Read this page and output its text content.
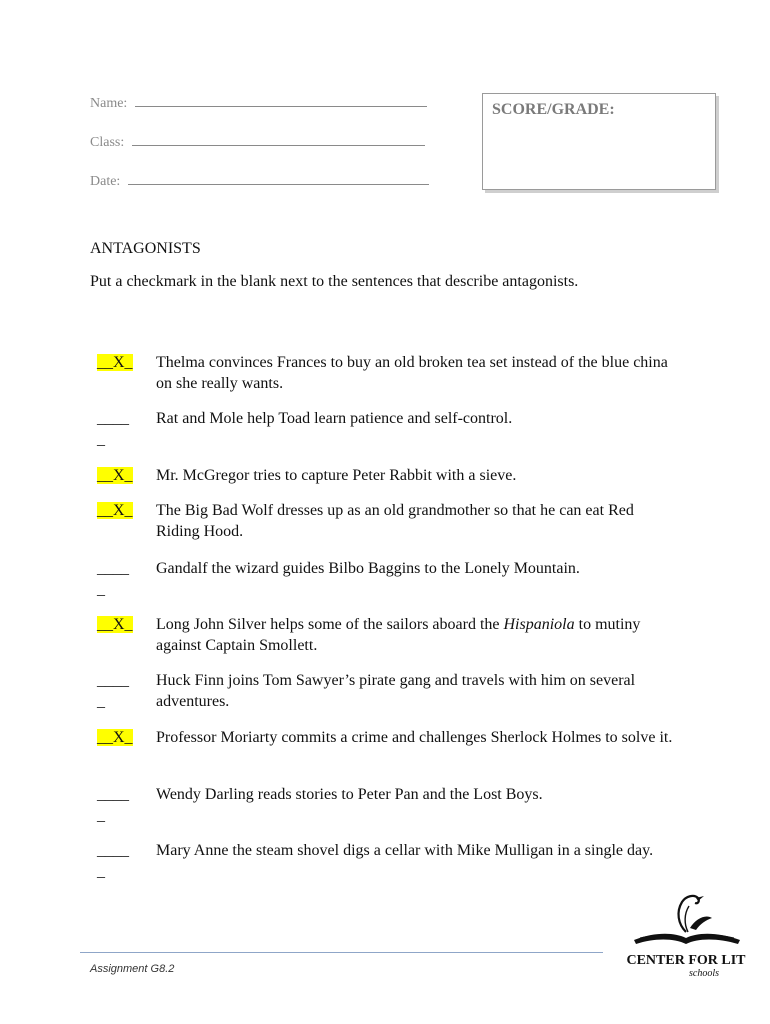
Name:
Class:
Date:
SCORE/GRADE:
ANTAGONISTS
Put a checkmark in the blank next to the sentences that describe antagonists.
__X_ Thelma convinces Frances to buy an old broken tea set instead of the blue china on she really wants.
____
_
Rat and Mole help Toad learn patience and self-control.
__X_ Mr. McGregor tries to capture Peter Rabbit with a sieve.
__X_ The Big Bad Wolf dresses up as an old grandmother so that he can eat Red Riding Hood.
____
_
Gandalf the wizard guides Bilbo Baggins to the Lonely Mountain.
__X_ Long John Silver helps some of the sailors aboard the Hispaniola to mutiny against Captain Smollett.
____
_
Huck Finn joins Tom Sawyer’s pirate gang and travels with him on several adventures.
__X_ Professor Moriarty commits a crime and challenges Sherlock Holmes to solve it.
____
_
Wendy Darling reads stories to Peter Pan and the Lost Boys.
____
_
Mary Anne the steam shovel digs a cellar with Mike Mulligan in a single day.
CENTER FOR LIT
schools
Assignment G8.2
